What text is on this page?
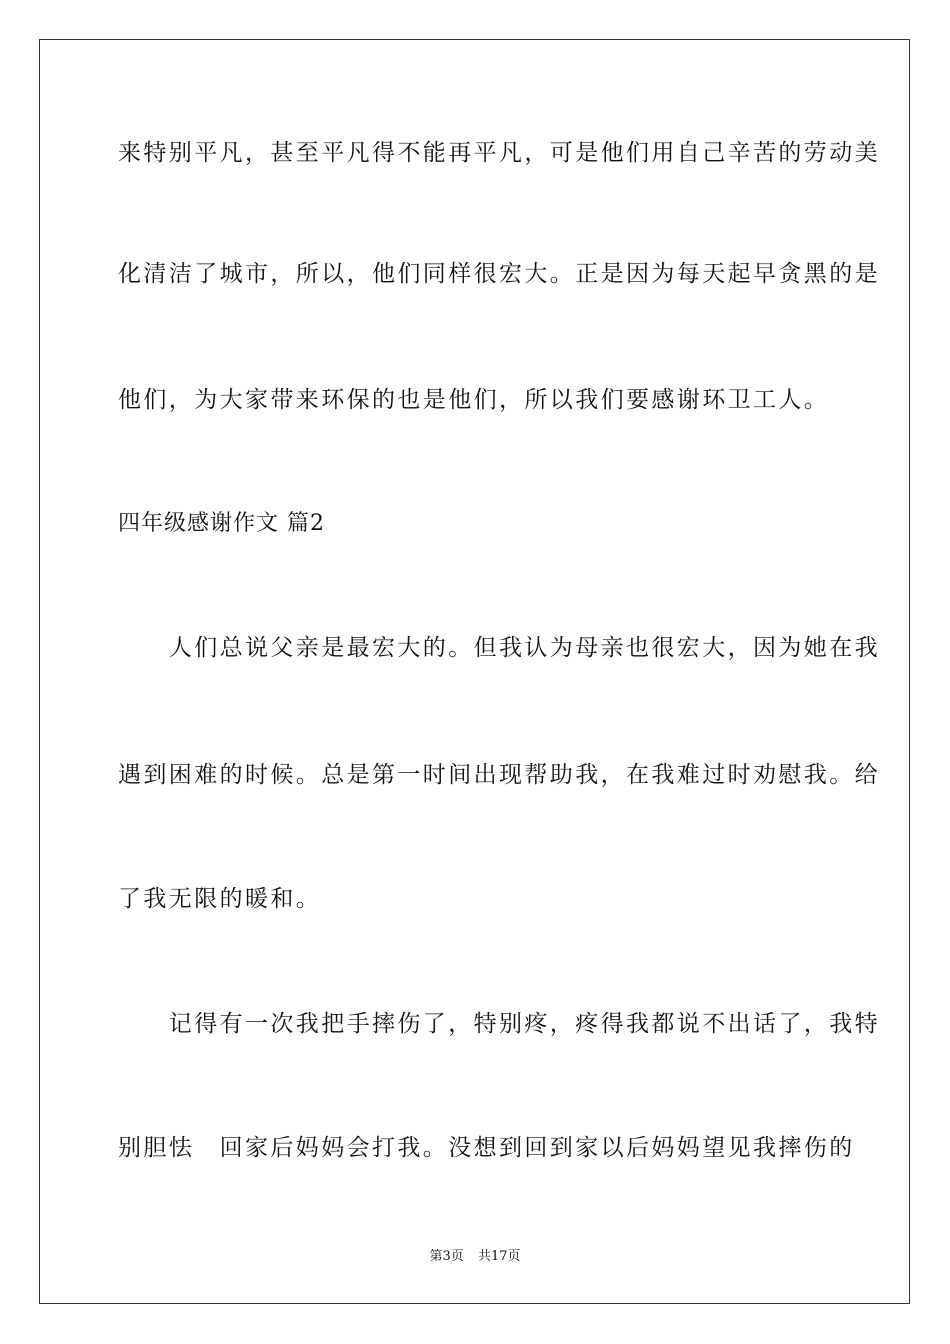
来特别平凡，甚至平凡得不能再平凡，可是他们用自己辛苦的劳动美
化清洁了城市，所以，他们同样很宏大。正是因为每天起早贪黑的是
他们，为大家带来环保的也是他们，所以我们要感谢环卫工人。
四年级感谢作文 篇2
　　人们总说父亲是最宏大的。但我认为母亲也很宏大，因为她在我
遇到困难的时候。总是第一时间出现帮助我，在我难过时劝慰我。给
了我无限的暖和。
　　记得有一次我把手摔伤了，特别疼，疼得我都说不出话了，我特
别胆怯　回家后妈妈会打我。没想到回到家以后妈妈望见我摔伤的
第3页 共17页
